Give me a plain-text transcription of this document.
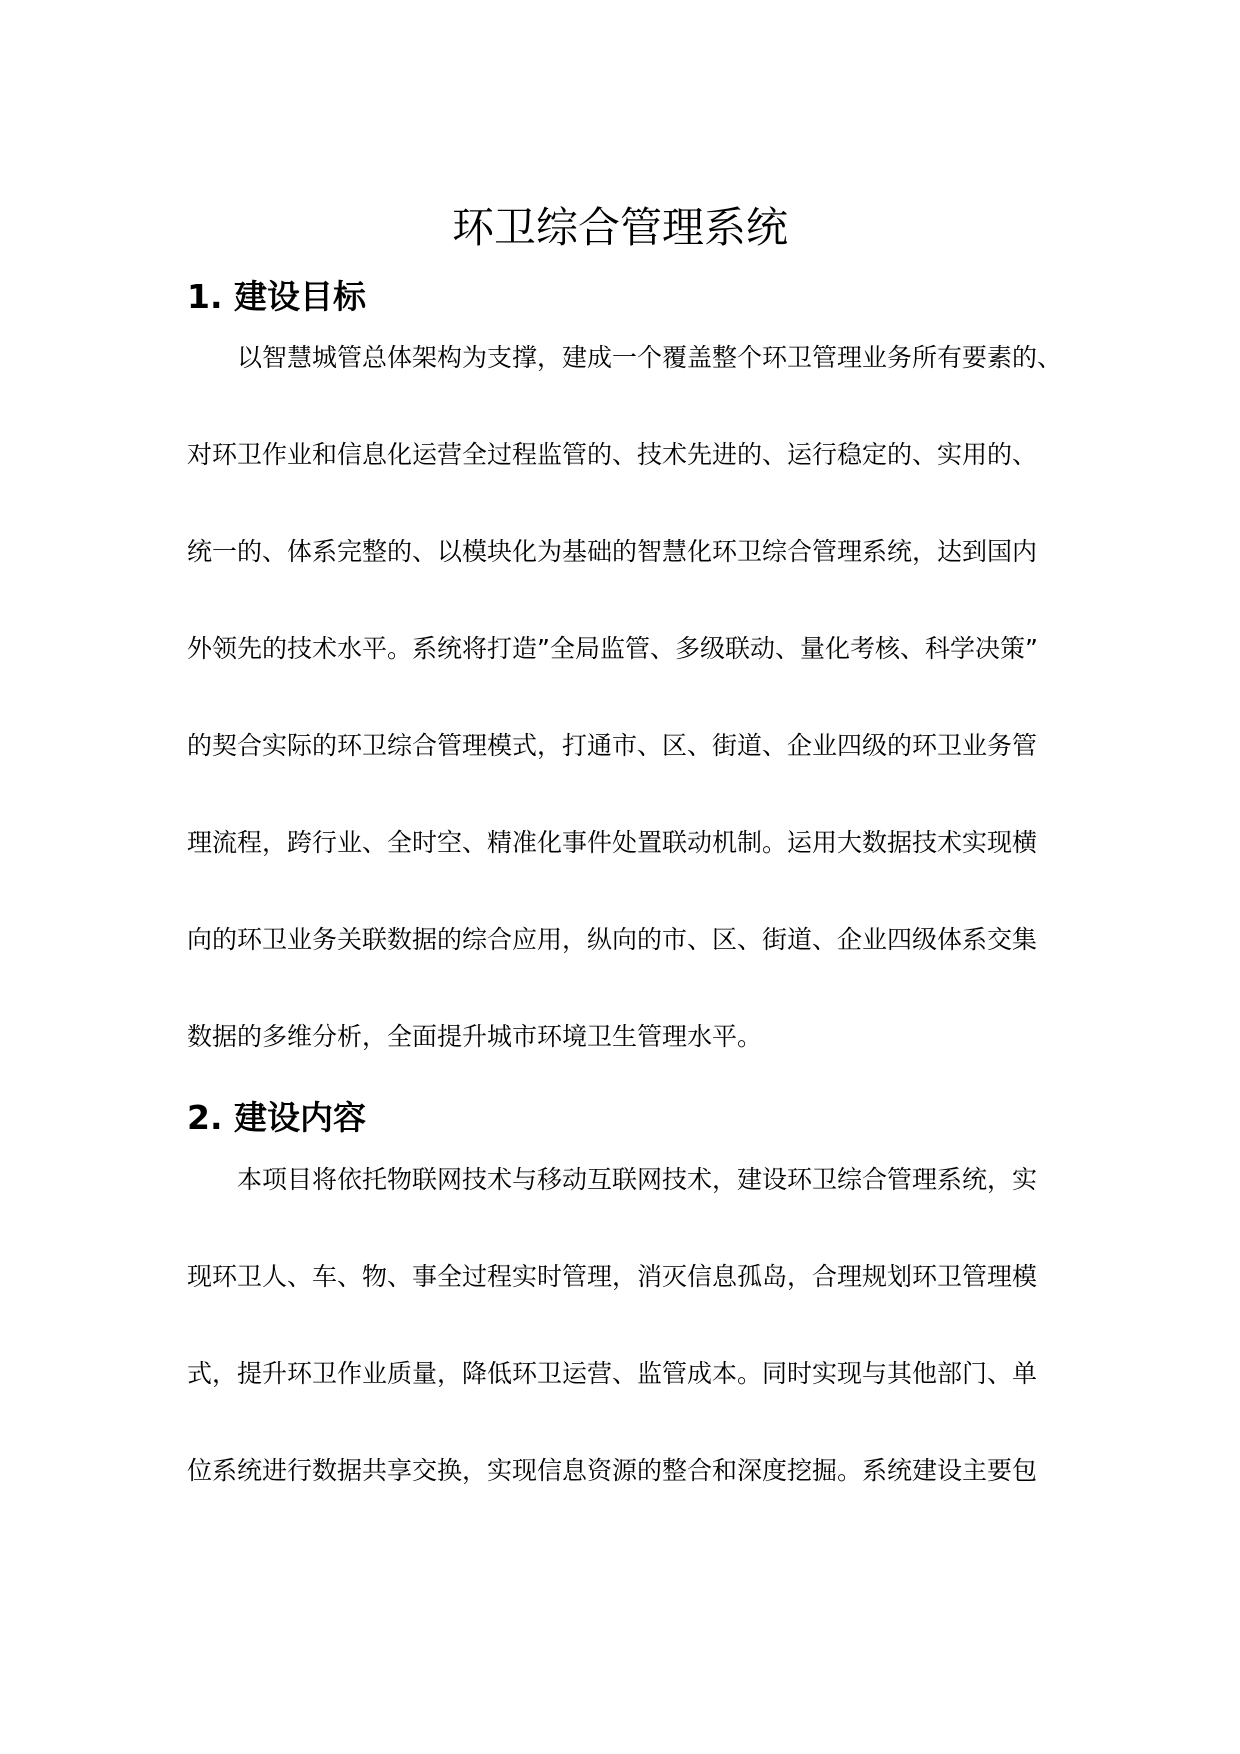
环卫综合管理系统
1. 建设目标

以智慧城管总体架构为支撑，建成一个覆盖整个环卫管理业务所有要素的、

对环卫作业和信息化运营全过程监管的、技术先进的、运行稳定的、实用的、

统一的、体系完整的、以模块化为基础的智慧化环卫综合管理系统，达到国内

外领先的技术水平。系统将打造”全局监管、多级联动、量化考核、科学决策”

的契合实际的环卫综合管理模式，打通市、区、街道、企业四级的环卫业务管

理流程，跨行业、全时空、精准化事件处置联动机制。运用大数据技术实现横

向的环卫业务关联数据的综合应用，纵向的市、区、街道、企业四级体系交集

数据的多维分析，全面提升城市环境卫生管理水平。

2. 建设内容

本项目将依托物联网技术与移动互联网技术，建设环卫综合管理系统，实

现环卫人、车、物、事全过程实时管理，消灭信息孤岛，合理规划环卫管理模

式，提升环卫作业质量，降低环卫运营、监管成本。同时实现与其他部门、单

位系统进行数据共享交换，实现信息资源的整合和深度挖掘。系统建设主要包
